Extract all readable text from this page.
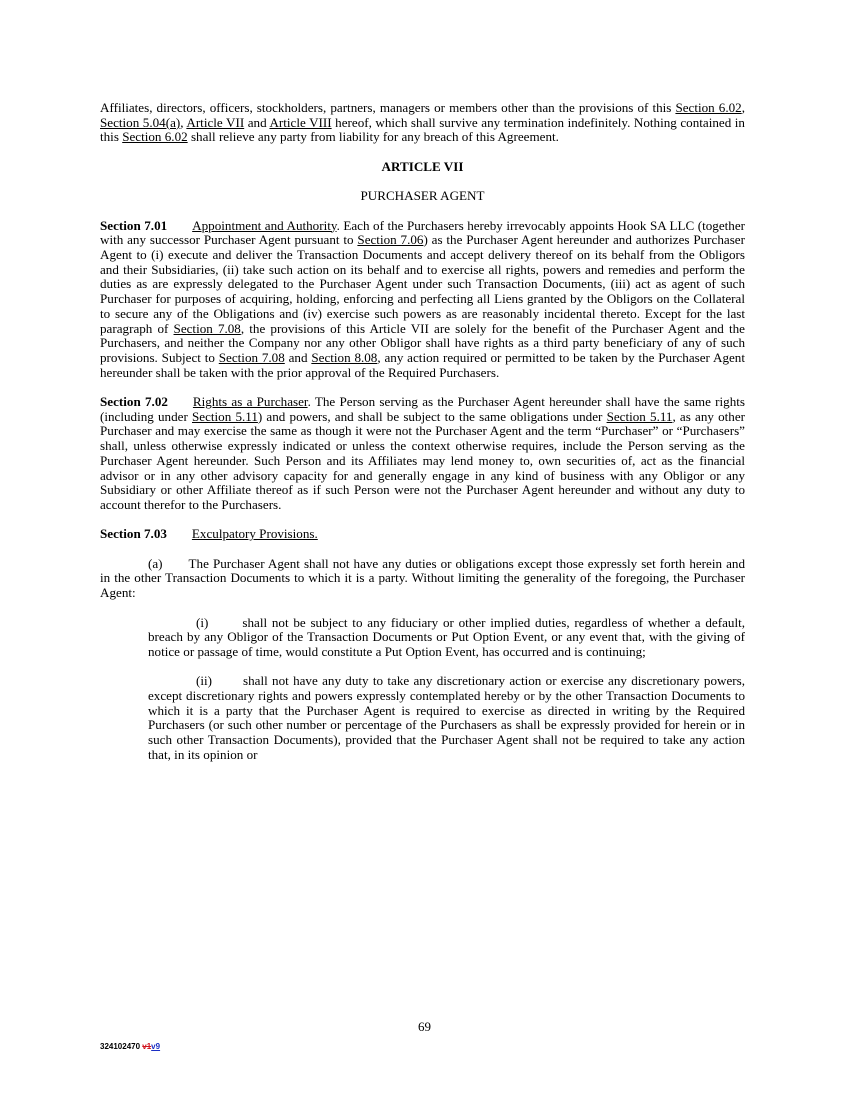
Affiliates, directors, officers, stockholders, partners, managers or members other than the provisions of this Section 6.02, Section 5.04(a), Article VII and Article VIII hereof, which shall survive any termination indefinitely. Nothing contained in this Section 6.02 shall relieve any party from liability for any breach of this Agreement.

ARTICLE VII

PURCHASER AGENT

Section 7.01 Appointment and Authority. Each of the Purchasers hereby irrevocably appoints Hook SA LLC (together with any successor Purchaser Agent pursuant to Section 7.06) as the Purchaser Agent hereunder and authorizes Purchaser Agent to (i) execute and deliver the Transaction Documents and accept delivery thereof on its behalf from the Obligors and their Subsidiaries, (ii) take such action on its behalf and to exercise all rights, powers and remedies and perform the duties as are expressly delegated to the Purchaser Agent under such Transaction Documents, (iii) act as agent of such Purchaser for purposes of acquiring, holding, enforcing and perfecting all Liens granted by the Obligors on the Collateral to secure any of the Obligations and (iv) exercise such powers as are reasonably incidental thereto. Except for the last paragraph of Section 7.08, the provisions of this Article VII are solely for the benefit of the Purchaser Agent and the Purchasers, and neither the Company nor any other Obligor shall have rights as a third party beneficiary of any of such provisions. Subject to Section 7.08 and Section 8.08, any action required or permitted to be taken by the Purchaser Agent hereunder shall be taken with the prior approval of the Required Purchasers.

Section 7.02 Rights as a Purchaser. The Person serving as the Purchaser Agent hereunder shall have the same rights (including under Section 5.11) and powers, and shall be subject to the same obligations under Section 5.11, as any other Purchaser and may exercise the same as though it were not the Purchaser Agent and the term “Purchaser” or “Purchasers” shall, unless otherwise expressly indicated or unless the context otherwise requires, include the Person serving as the Purchaser Agent hereunder. Such Person and its Affiliates may lend money to, own securities of, act as the financial advisor or in any other advisory capacity for and generally engage in any kind of business with any Obligor or any Subsidiary or other Affiliate thereof as if such Person were not the Purchaser Agent hereunder and without any duty to account therefor to the Purchasers.

Section 7.03 Exculpatory Provisions.

(a) The Purchaser Agent shall not have any duties or obligations except those expressly set forth herein and in the other Transaction Documents to which it is a party. Without limiting the generality of the foregoing, the Purchaser Agent:

(i)	shall not be subject to any fiduciary or other implied duties, regardless of whether a default, breach by any Obligor of the Transaction Documents or Put Option Event, or any event that, with the giving of notice or passage of time, would constitute a Put Option Event, has occurred and is continuing;

(ii) shall not have any duty to take any discretionary action or exercise any discretionary powers, except discretionary rights and powers expressly contemplated hereby or by the other Transaction Documents to which it is a party that the Purchaser Agent is required to exercise as directed in writing by the Required Purchasers (or such other number or percentage of the Purchasers as shall be expressly provided for herein or in such other Transaction Documents), provided that the Purchaser Agent shall not be required to take any action that, in its opinion or

69
324102470 v1v9
